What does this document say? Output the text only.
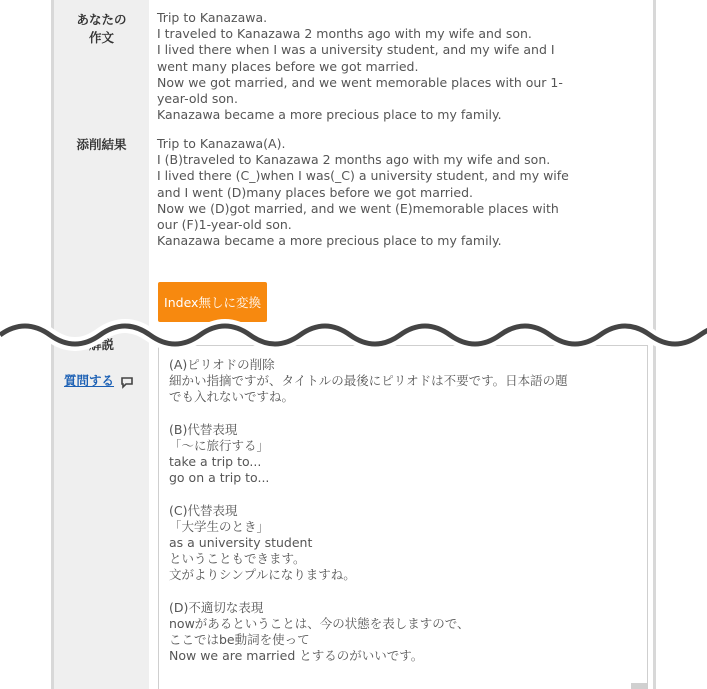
あなたの
作文
Trip to Kanazawa.
I traveled to Kanazawa 2 months ago with my wife and son.
I lived there when I was a university student, and my wife and I
went many places before we got married.
Now we got married, and we went memorable places with our 1-
year-old son.
Kanazawa became a more precious place to my family.
添削結果	Trip to Kanazawa(A).
I (B)traveled to Kanazawa 2 months ago with my wife and son.
I lived there (C_)when I was(_C) a university student, and my wife
and I went (D)many places before we got married.
Now we (D)got married, and we went (E)memorable places with
our (F)1-year-old son.
Kanazawa became a more precious place to my family.
Index無しに変換
解説
質問する
(A)ピリオドの削除
細かい指摘ですが、タイトルの最後にピリオドは不要です。日本語の題
でも入れないですね。
(B)代替表現
「〜に旅行する」
take a trip to...
go on a trip to...
(C)代替表現
「大学生のとき」
as a university student
ということもできます。
文がよりシンプルになりますね。
(D)不適切な表現
nowがあるということは、今の状態を表しますので、
ここではbe動詞を使って
Now we are married とするのがいいです。
